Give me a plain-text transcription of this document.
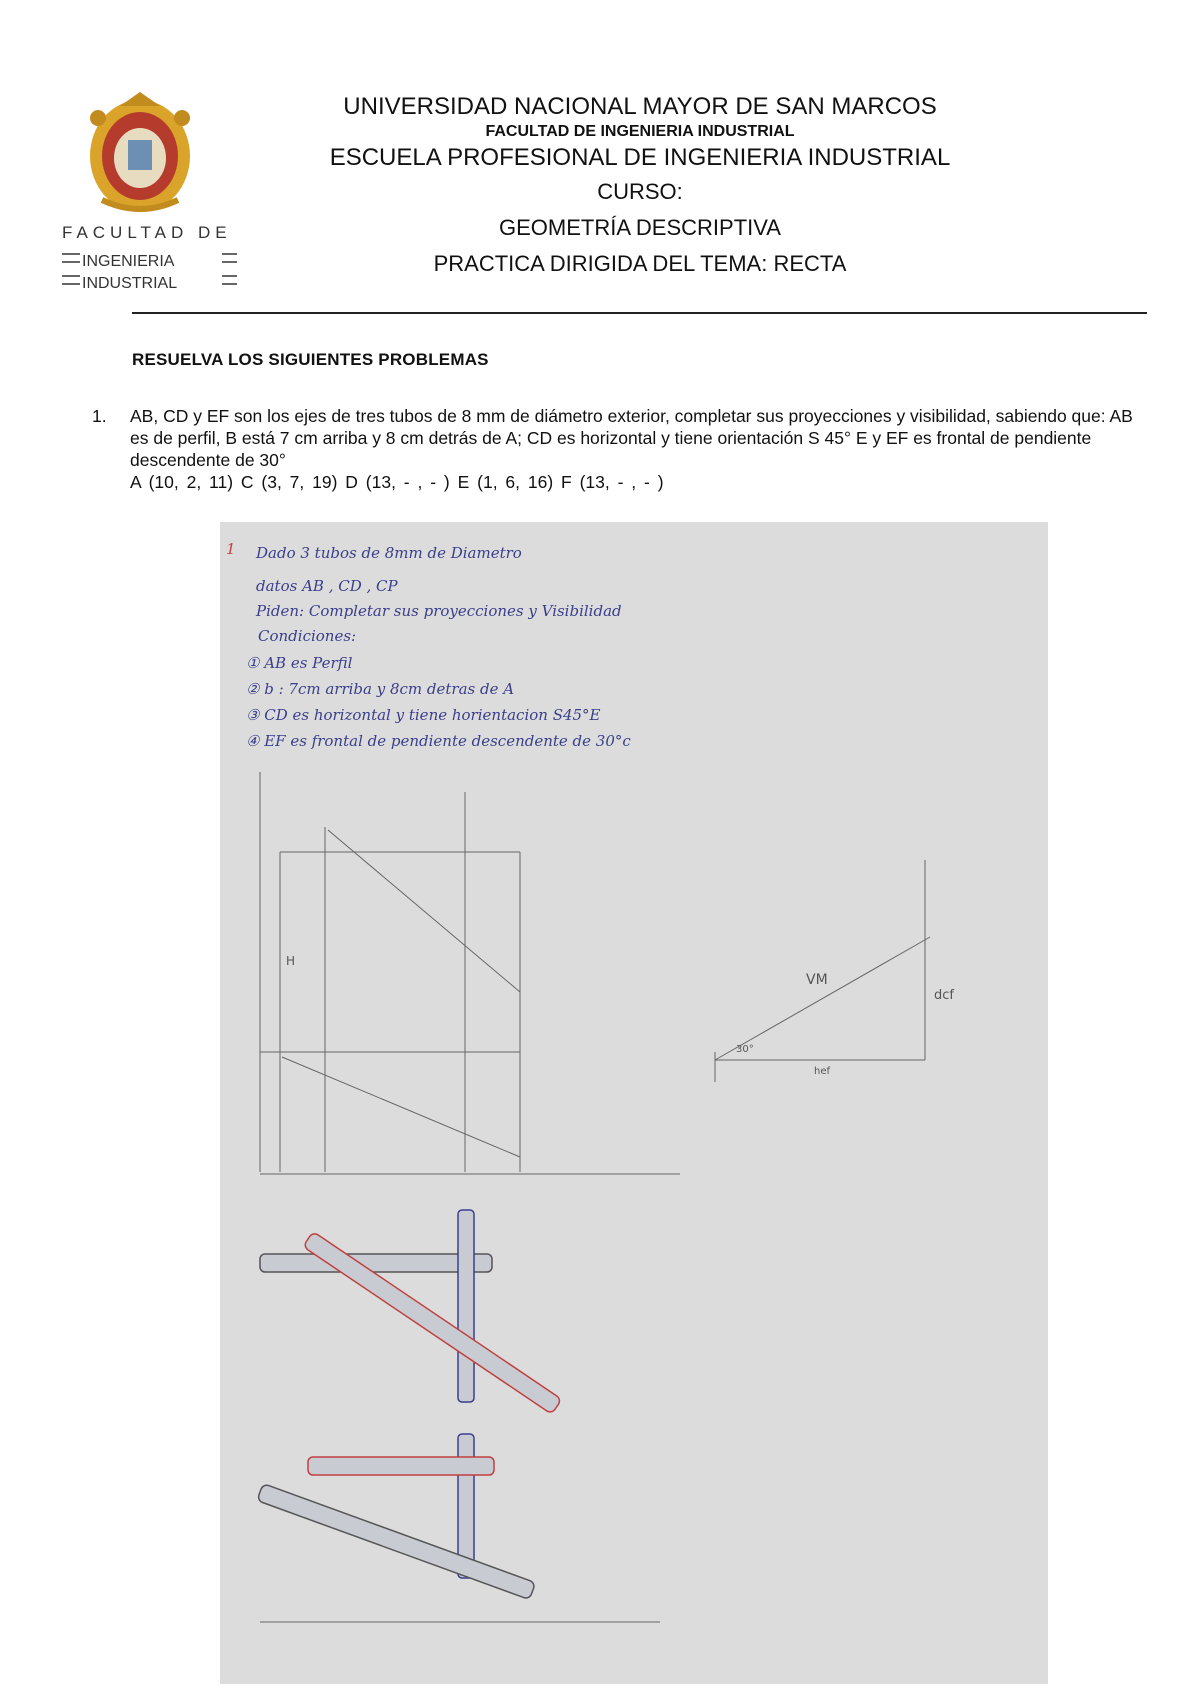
FACULTAD DE
INGENIERIA
INDUSTRIAL
UNIVERSIDAD NACIONAL MAYOR DE SAN MARCOS
FACULTAD DE INGENIERIA INDUSTRIAL
ESCUELA PROFESIONAL DE INGENIERIA INDUSTRIAL
CURSO:
GEOMETRÍA DESCRIPTIVA
PRACTICA DIRIGIDA DEL TEMA: RECTA
RESUELVA LOS SIGUIENTES PROBLEMAS
1. AB, CD y EF son los ejes de tres tubos de 8 mm de diámetro exterior, completar sus proyecciones y visibilidad, sabiendo que: AB es de perfil, B está 7 cm arriba y 8 cm detrás de A; CD es horizontal y tiene orientación S 45° E y EF es frontal de pendiente descendente de 30°
A (10, 2, 11) C (3, 7, 19) D (13, - , - ) E (1, 6, 16) F (13, - , - )
1 Dado 3 tubos de 8mm de Diametro
datos AB , CD , CP
Piden: Completar sus proyecciones y Visibilidad
Condiciones:
① AB es Perfil
② b : 7cm arriba y 8cm detras de A
③ CD es horizontal y tiene horientacion S45°E
④ EF es frontal de pendiente descendente de 30°c
VM
30°
H
dcf
hef
